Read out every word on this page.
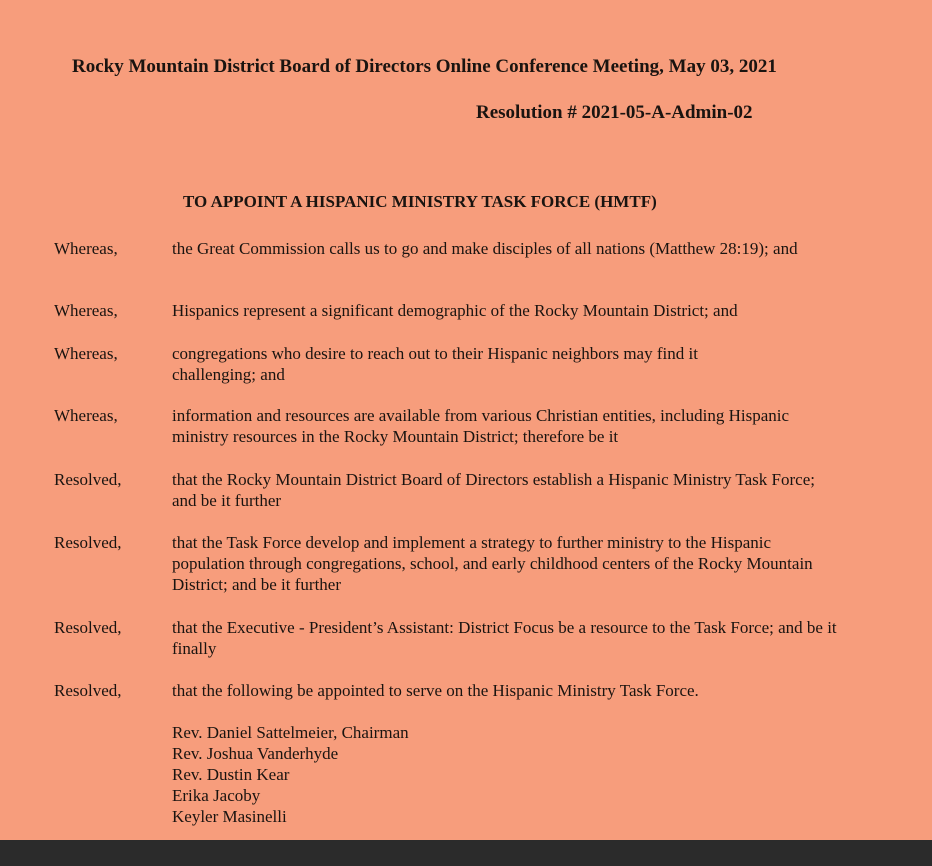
Rocky Mountain District Board of Directors Online Conference Meeting, May 03, 2021
Resolution # 2021-05-A-Admin-02
TO APPOINT A HISPANIC MINISTRY TASK FORCE (HMTF)
Whereas,	the Great Commission calls us to go and make disciples of all nations (Matthew 28:19); and
Whereas,	Hispanics represent a significant demographic of the Rocky Mountain District; and
Whereas,	congregations who desire to reach out to their Hispanic neighbors may find it challenging; and
Whereas,	information and resources are available from various Christian entities, including Hispanic ministry resources in the Rocky Mountain District; therefore be it
Resolved,	that the Rocky Mountain District Board of Directors establish a Hispanic Ministry Task Force; and be it further
Resolved,	that the Task Force develop and implement a strategy to further ministry to the Hispanic population through congregations, school, and early childhood centers of the Rocky Mountain District; and be it further
Resolved,	that the Executive - President’s Assistant: District Focus be a resource to the Task Force; and be it finally
Resolved,	that the following be appointed to serve on the Hispanic Ministry Task Force.
Rev. Daniel Sattelmeier, Chairman
Rev. Joshua Vanderhyde
Rev. Dustin Kear
Erika Jacoby
Keyler Masinelli
